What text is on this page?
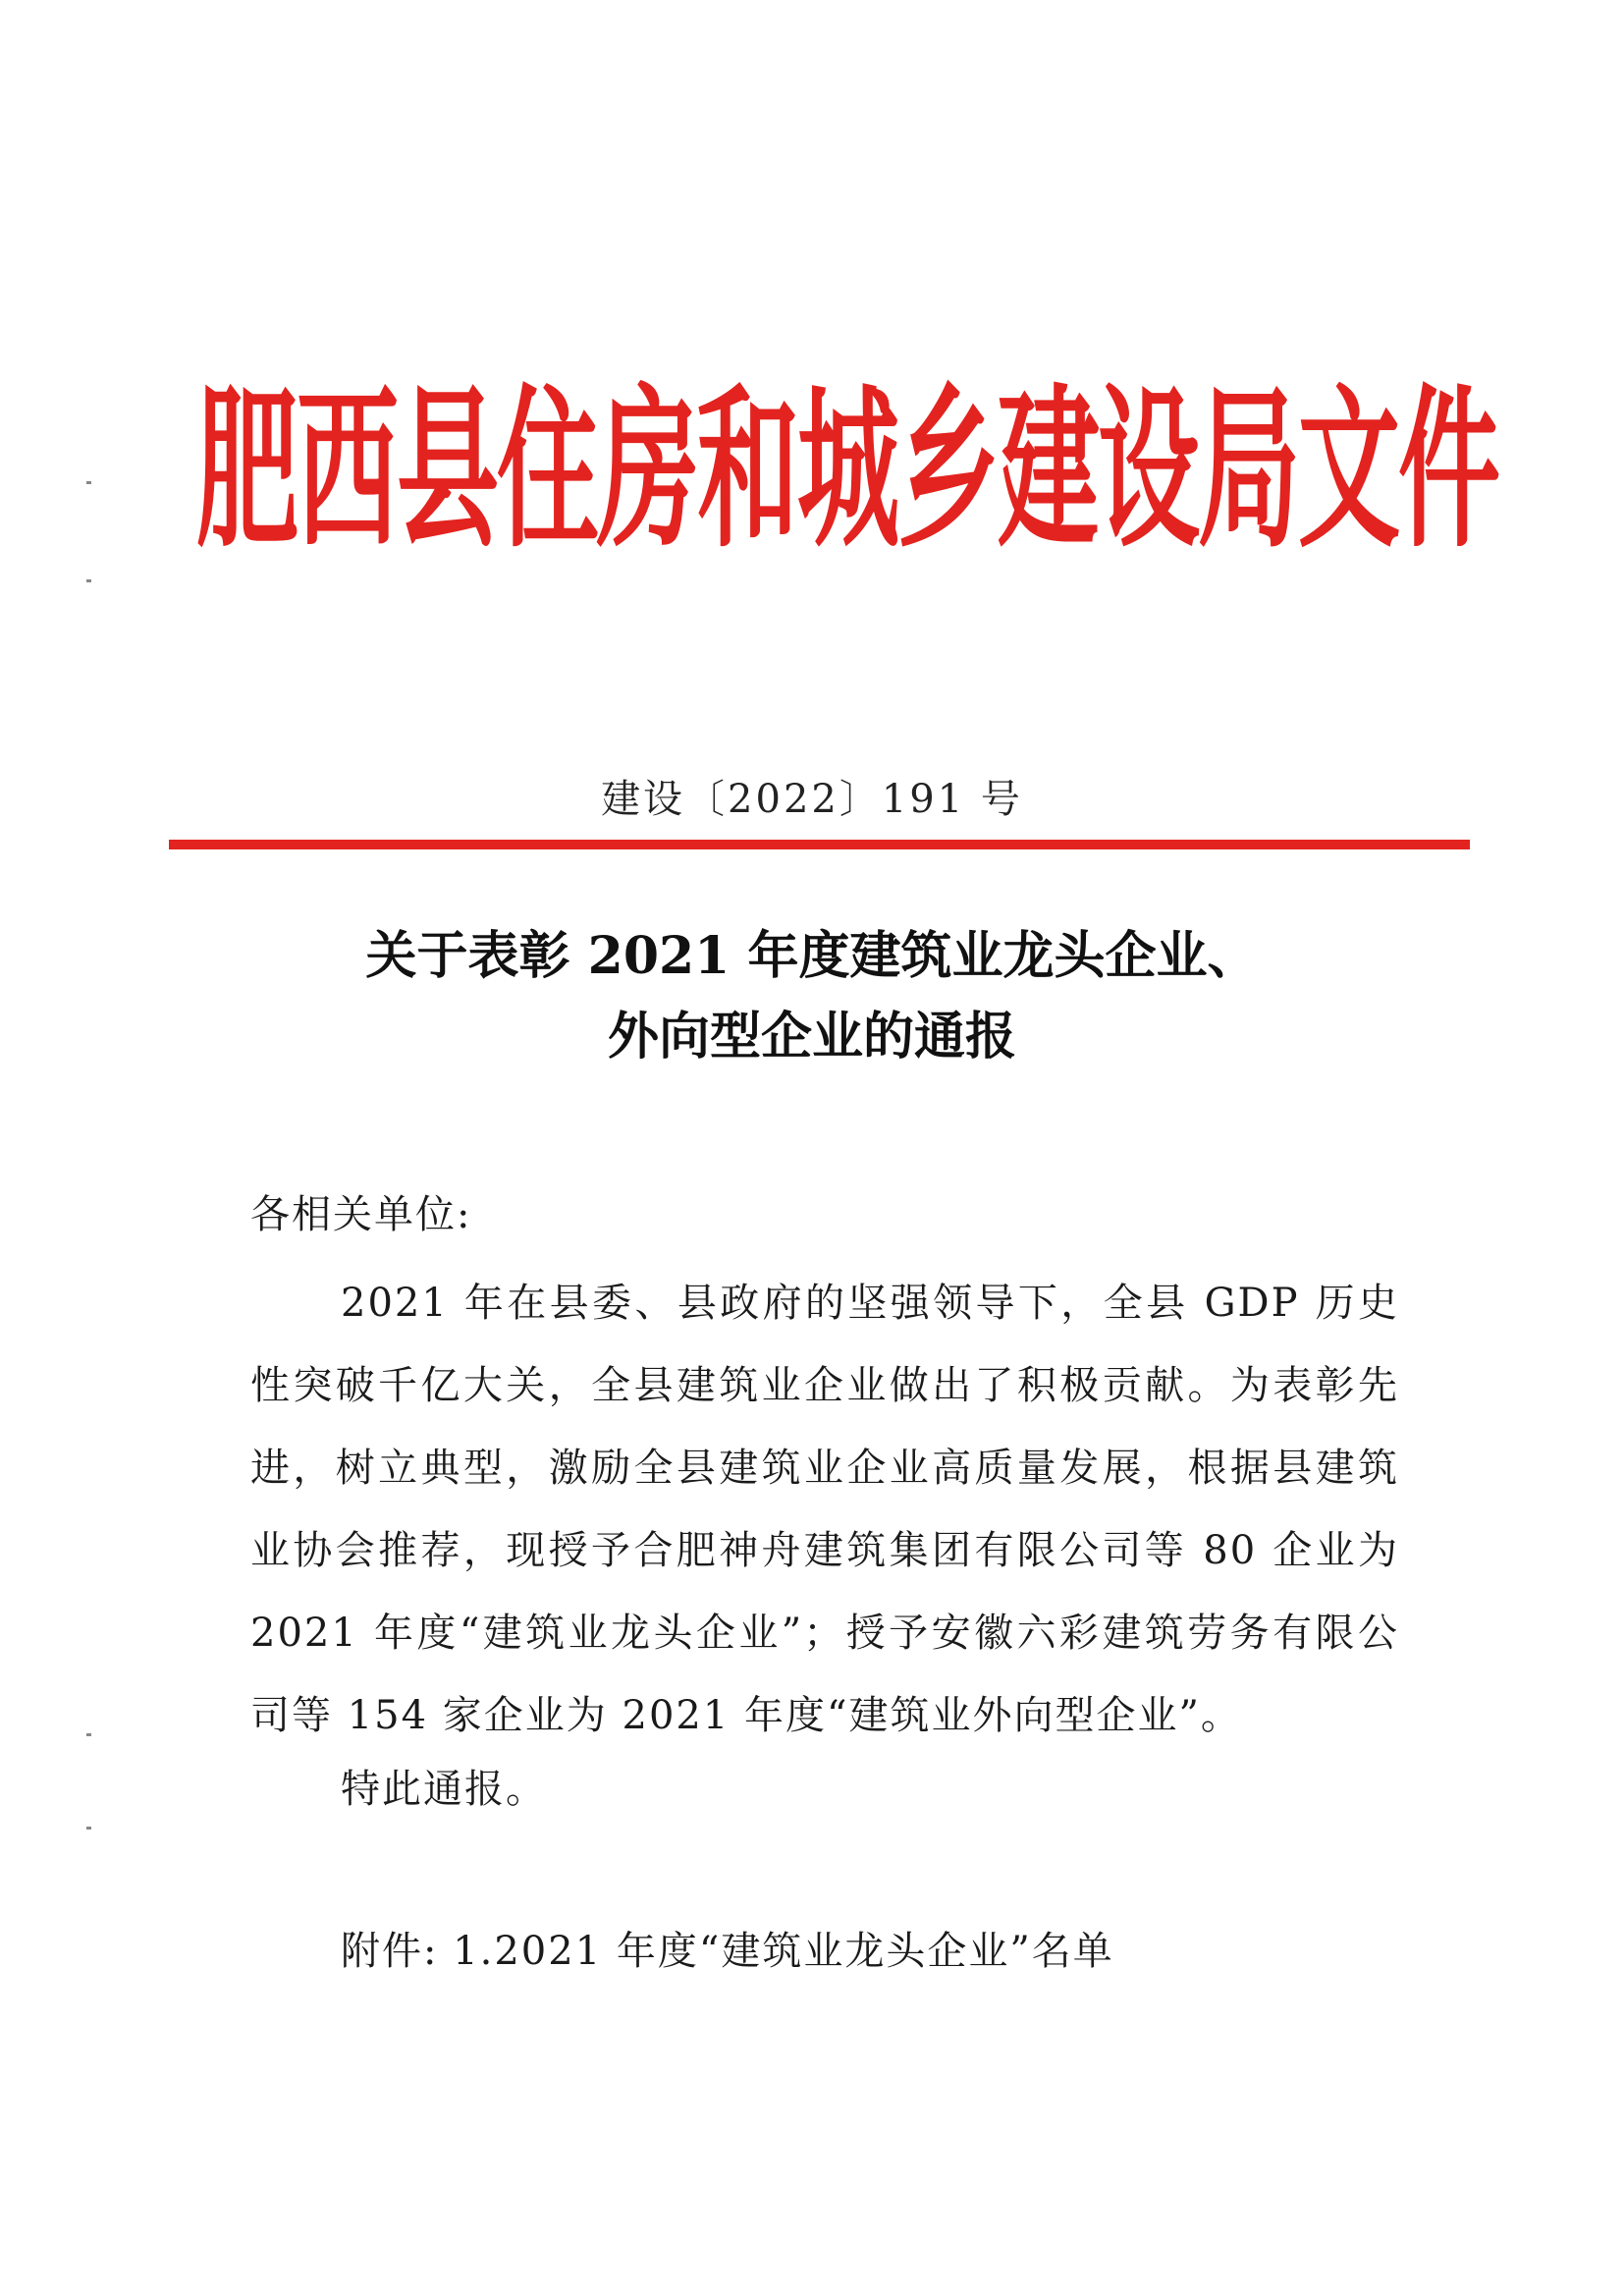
肥西县住房和城乡建设局文件
建设〔2022〕191 号
关于表彰 2021 年度建筑业龙头企业、
外向型企业的通报
各相关单位:
2021 年在县委、县政府的坚强领导下，全县 GDP 历史性突破千亿大关，全县建筑业企业做出了积极贡献。为表彰先进，树立典型，激励全县建筑业企业高质量发展，根据县建筑业协会推荐，现授予合肥神舟建筑集团有限公司等 80 企业为 2021 年度“建筑业龙头企业”；授予安徽六彩建筑劳务有限公司等 154 家企业为 2021 年度“建筑业外向型企业”。
特此通报。
附件: 1.2021 年度“建筑业龙头企业”名单
